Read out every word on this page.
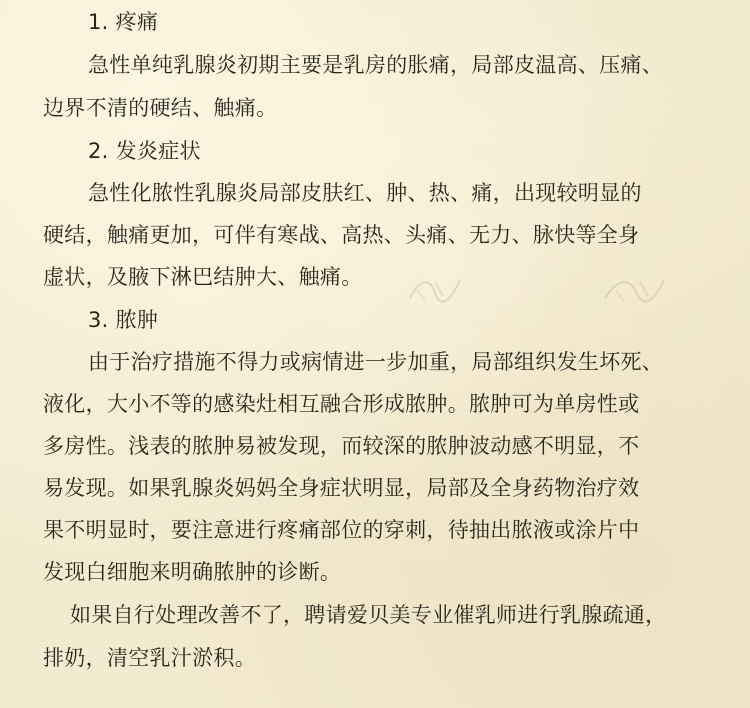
1. 疼痛
急性单纯乳腺炎初期主要是乳房的胀痛，局部皮温高、压痛、
边界不清的硬结、触痛。
2. 发炎症状
急性化脓性乳腺炎局部皮肤红、肿、热、痛，出现较明显的
硬结，触痛更加，可伴有寒战、高热、头痛、无力、脉快等全身
虚状，及腋下淋巴结肿大、触痛。
3. 脓肿
由于治疗措施不得力或病情进一步加重，局部组织发生坏死、
液化，大小不等的感染灶相互融合形成脓肿。脓肿可为单房性或
多房性。浅表的脓肿易被发现，而较深的脓肿波动感不明显，不
易发现。如果乳腺炎妈妈全身症状明显，局部及全身药物治疗效
果不明显时，要注意进行疼痛部位的穿刺，待抽出脓液或涂片中
发现白细胞来明确脓肿的诊断。
如果自行处理改善不了，聘请爱贝美专业催乳师进行乳腺疏通，
排奶，清空乳汁淤积。
